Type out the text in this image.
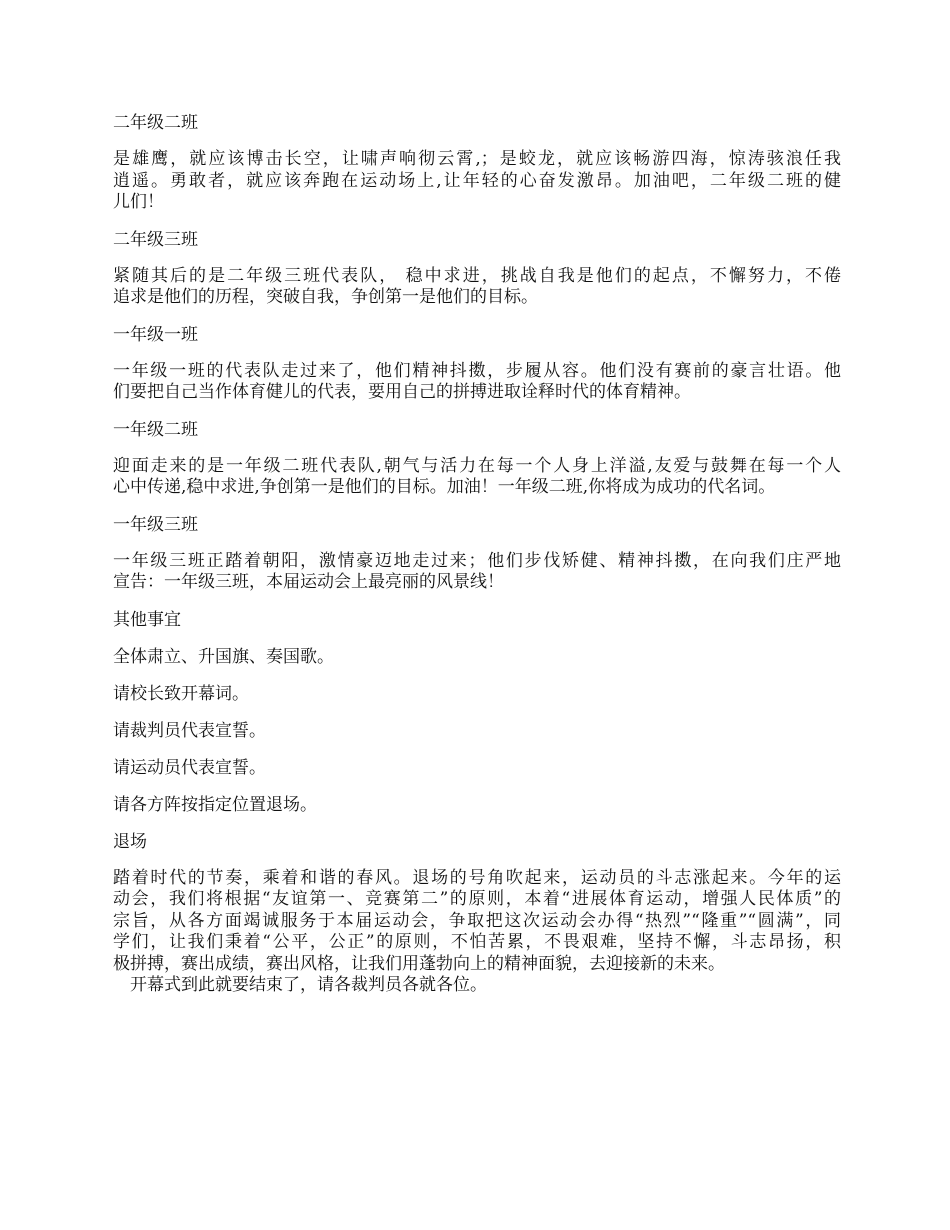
二年级二班

是雄鹰，就应该博击长空，让啸声响彻云霄,；是蛟龙，就应该畅游四海，惊涛骇浪任我

逍遥。勇敢者，就应该奔跑在运动场上,让年轻的心奋发激昂。加油吧，二年级二班的健

儿们！

二年级三班

紧随其后的是二年级三班代表队， 稳中求进，挑战自我是他们的起点，不懈努力，不倦

追求是他们的历程，突破自我，争创第一是他们的目标。

一年级一班

一年级一班的代表队走过来了，他们精神抖擞，步履从容。他们没有赛前的豪言壮语。他

们要把自己当作体育健儿的代表，要用自己的拼搏进取诠释时代的体育精神。

一年级二班

迎面走来的是一年级二班代表队,朝气与活力在每一个人身上洋溢,友爱与鼓舞在每一个人

心中传递,稳中求进,争创第一是他们的目标。加油！一年级二班,你将成为成功的代名词。

一年级三班

一年级三班正踏着朝阳，激情豪迈地走过来；他们步伐矫健、精神抖擞，在向我们庄严地

宣告：一年级三班，本届运动会上最亮丽的风景线！

其他事宜

全体肃立、升国旗、奏国歌。

请校长致开幕词。

请裁判员代表宣誓。

请运动员代表宣誓。

请各方阵按指定位置退场。

退场

踏着时代的节奏，乘着和谐的春风。退场的号角吹起来，运动员的斗志涨起来。今年的运

动会，我们将根据“友谊第一、竞赛第二”的原则，本着“进展体育运动，增强人民体质”的

宗旨，从各方面竭诚服务于本届运动会，争取把这次运动会办得“热烈”“隆重”“圆满”，同

学们，让我们秉着“公平，公正”的原则，不怕苦累，不畏艰难，坚持不懈，斗志昂扬，积

极拼搏，赛出成绩，赛出风格，让我们用蓬勃向上的精神面貌，去迎接新的未来。

开幕式到此就要结束了，请各裁判员各就各位。
